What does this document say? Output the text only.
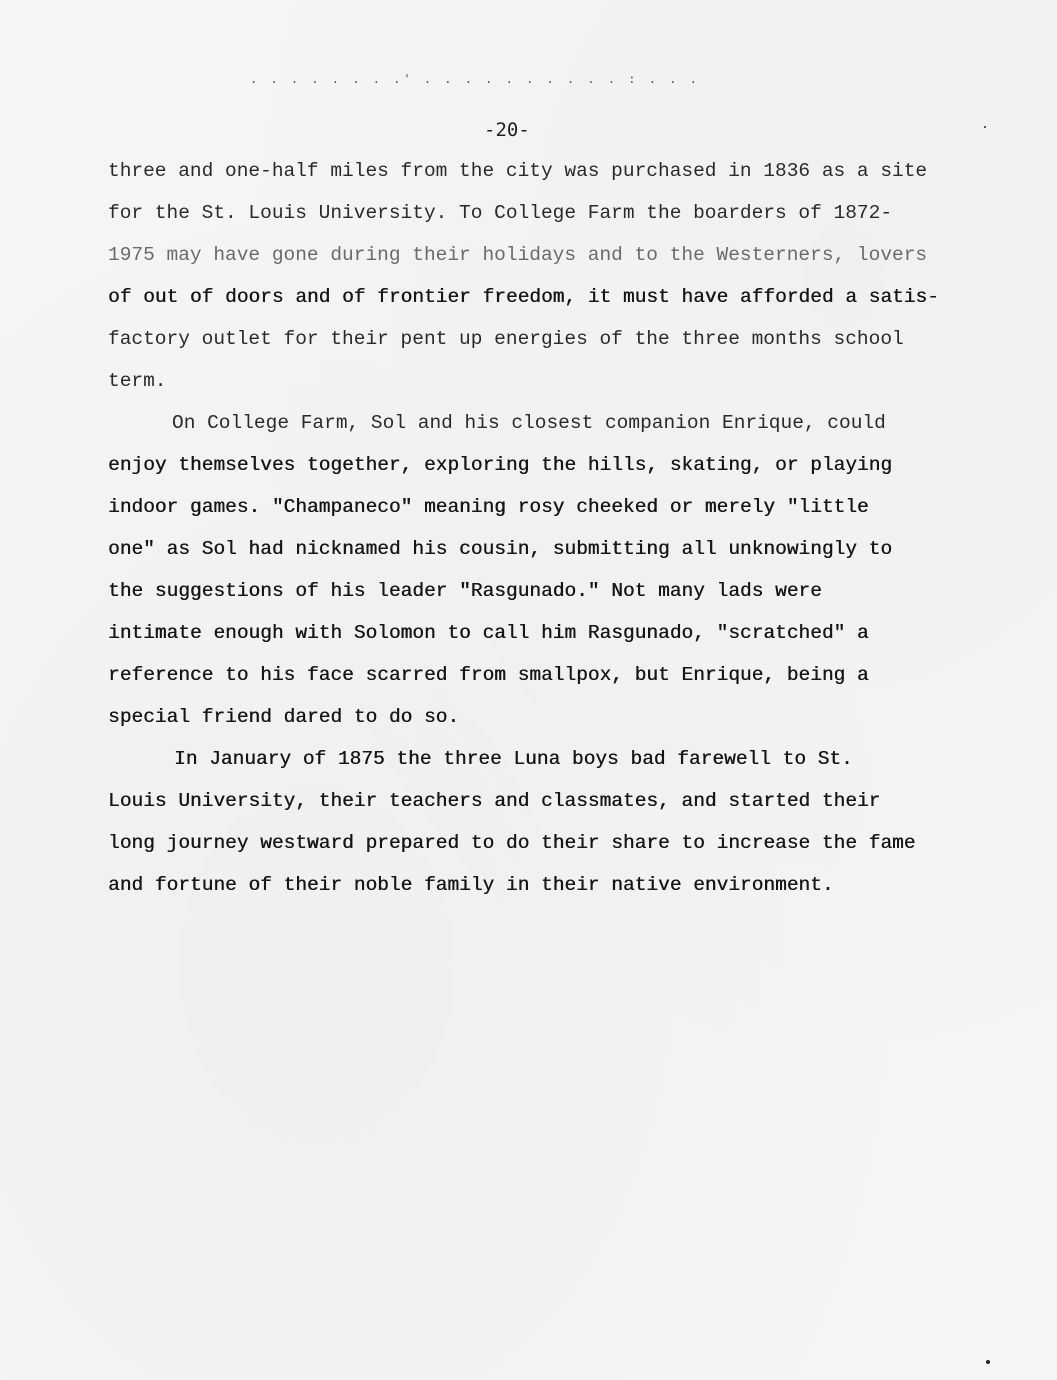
. . . . . . . .' . . . . . . . . . . : . . .
-20-
three and one-half miles from the city was purchased in 1836 as a site
for the St. Louis University. To College Farm the boarders of 1872-
1975 may have gone during their holidays and to the Westerners, lovers
of out of doors and of frontier freedom, it must have afforded a satis-
factory outlet for their pent up energies of the three months school
term.
On College Farm, Sol and his closest companion Enrique, could
enjoy themselves together, exploring the hills, skating, or playing
indoor games. "Champaneco" meaning rosy cheeked or merely "little
one" as Sol had nicknamed his cousin, submitting all unknowingly to
the suggestions of his leader "Rasgunado." Not many lads were
intimate enough with Solomon to call him Rasgunado, "scratched" a
reference to his face scarred from smallpox, but Enrique, being a
special friend dared to do so.
In January of 1875 the three Luna boys bad farewell to St.
Louis University, their teachers and classmates, and started their
long journey westward prepared to do their share to increase the fame
and fortune of their noble family in their native environment.
